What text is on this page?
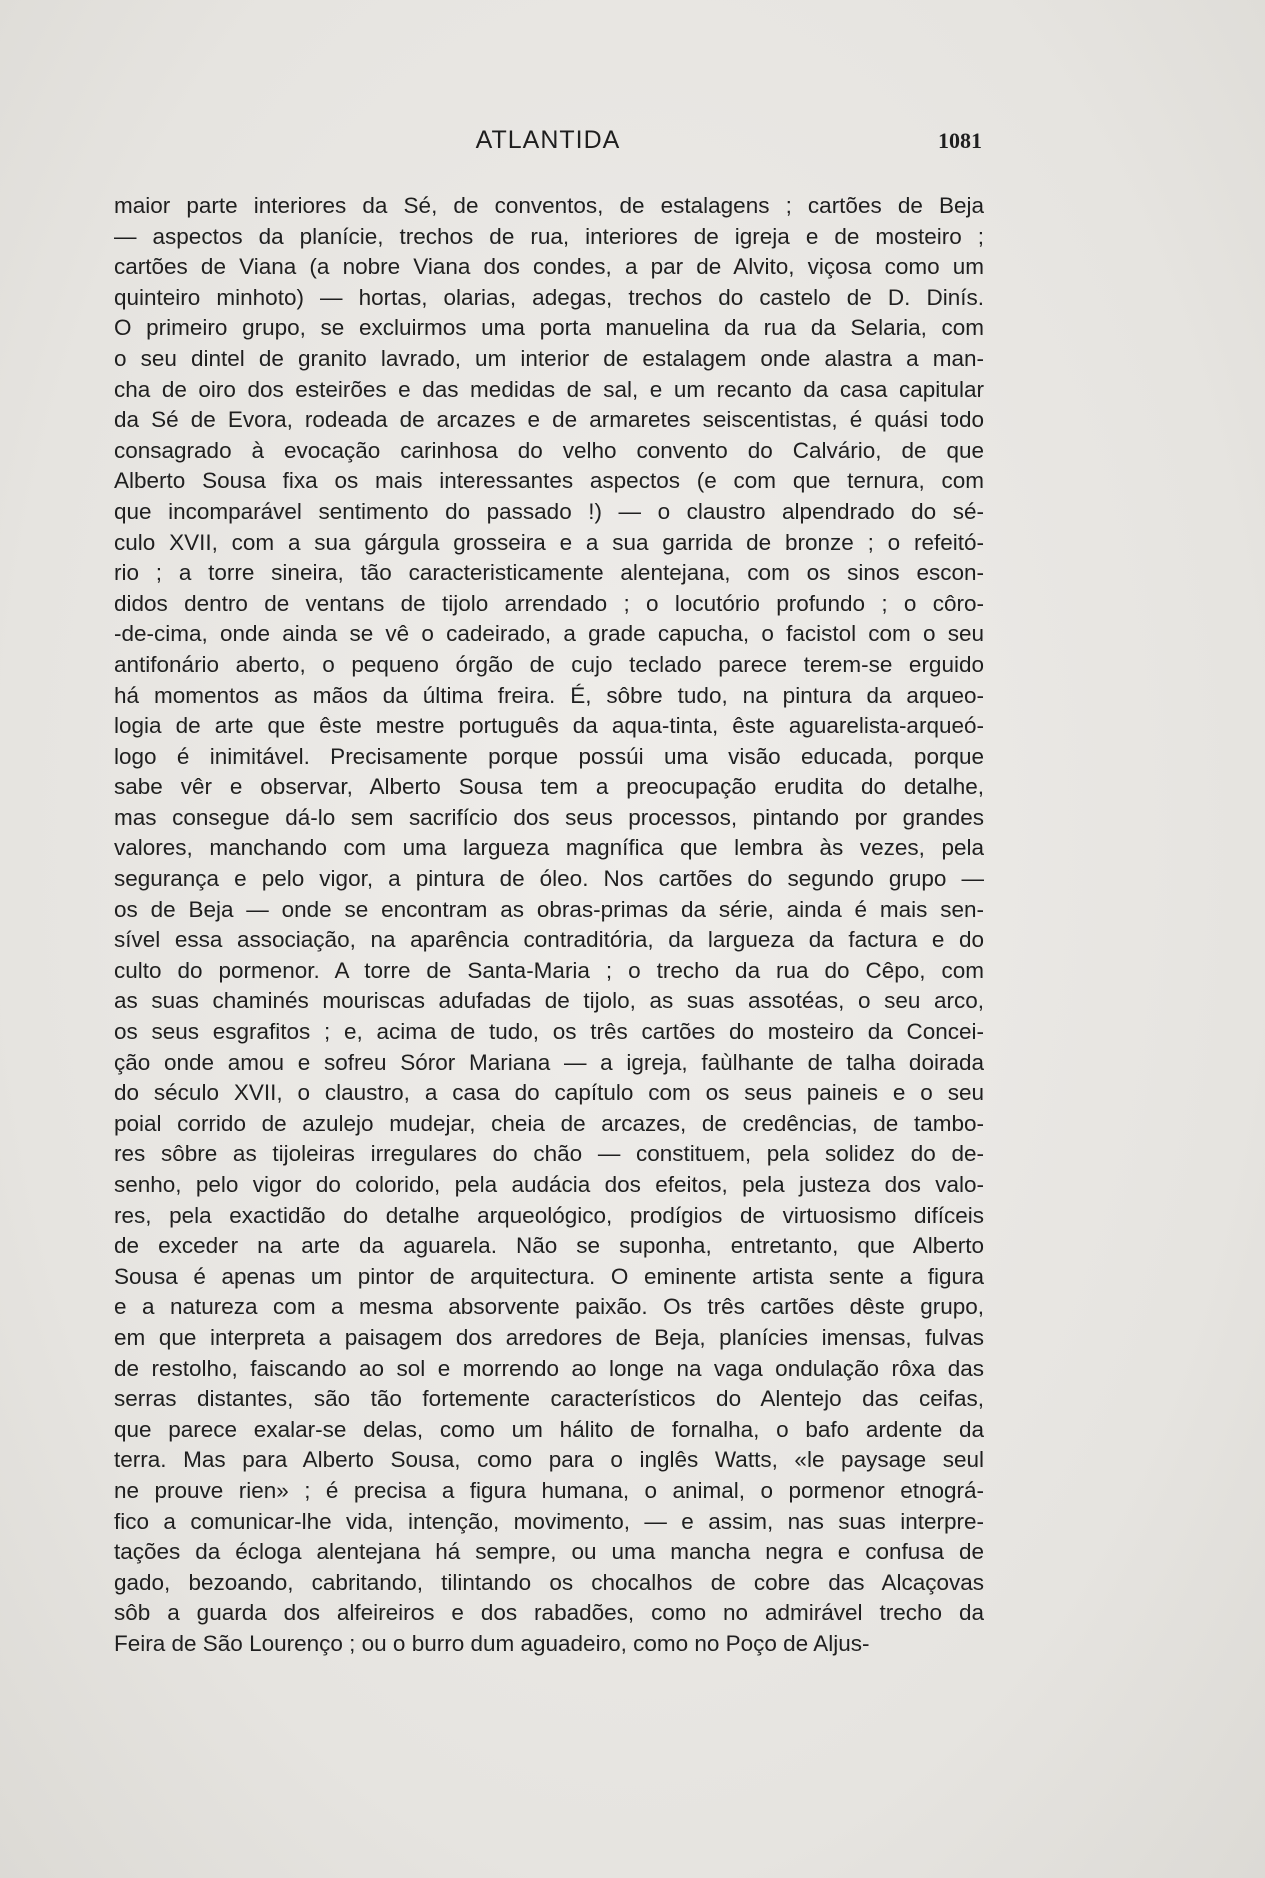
ATLANTIDA	1081
maior parte interiores da Sé, de conventos, de estalagens ; cartões de Beja
— aspectos da planície, trechos de rua, interiores de igreja e de mosteiro ;
cartões de Viana (a nobre Viana dos condes, a par de Alvito, viçosa como um
quinteiro minhoto) — hortas, olarias, adegas, trechos do castelo de D. Dinís.
O primeiro grupo, se excluirmos uma porta manuelina da rua da Selaria, com
o seu dintel de granito lavrado, um interior de estalagem onde alastra a man-
cha de oiro dos esteirões e das medidas de sal, e um recanto da casa capitular
da Sé de Evora, rodeada de arcazes e de armaretes seiscentistas, é quási todo
consagrado à evocação carinhosa do velho convento do Calvário, de que
Alberto Sousa fixa os mais interessantes aspectos (e com que ternura, com
que incomparável sentimento do passado !) — o claustro alpendrado do sé-
culo XVII, com a sua gárgula grosseira e a sua garrida de bronze ; o refeitó-
rio ; a torre sineira, tão caracteristicamente alentejana, com os sinos escon-
didos dentro de ventans de tijolo arrendado ; o locutório profundo ; o côro-
-de-cima, onde ainda se vê o cadeirado, a grade capucha, o facistol com o seu
antifonário aberto, o pequeno órgão de cujo teclado parece terem-se erguido
há momentos as mãos da última freira. É, sôbre tudo, na pintura da arqueo-
logia de arte que êste mestre português da aqua-tinta, êste aguarelista-arqueó-
logo é inimitável. Precisamente porque possúi uma visão educada, porque
sabe vêr e observar, Alberto Sousa tem a preocupação erudita do detalhe,
mas consegue dá-lo sem sacrifício dos seus processos, pintando por grandes
valores, manchando com uma largueza magnífica que lembra às vezes, pela
segurança e pelo vigor, a pintura de óleo. Nos cartões do segundo grupo —
os de Beja — onde se encontram as obras-primas da série, ainda é mais sen-
sível essa associação, na aparência contraditória, da largueza da factura e do
culto do pormenor. A torre de Santa-Maria ; o trecho da rua do Cêpo, com
as suas chaminés mouriscas adufadas de tijolo, as suas assotéas, o seu arco,
os seus esgrafitos ; e, acima de tudo, os três cartões do mosteiro da Concei-
ção onde amou e sofreu Sóror Mariana — a igreja, faùlhante de talha doirada
do século XVII, o claustro, a casa do capítulo com os seus paineis e o seu
poial corrido de azulejo mudejar, cheia de arcazes, de credências, de tambo-
res sôbre as tijoleiras irregulares do chão — constituem, pela solidez do de-
senho, pelo vigor do colorido, pela audácia dos efeitos, pela justeza dos valo-
res, pela exactidão do detalhe arqueológico, prodígios de virtuosismo difíceis
de exceder na arte da aguarela. Não se suponha, entretanto, que Alberto
Sousa é apenas um pintor de arquitectura. O eminente artista sente a figura
e a natureza com a mesma absorvente paixão. Os três cartões dêste grupo,
em que interpreta a paisagem dos arredores de Beja, planícies imensas, fulvas
de restolho, faiscando ao sol e morrendo ao longe na vaga ondulação rôxa das
serras distantes, são tão fortemente característicos do Alentejo das ceifas,
que parece exalar-se delas, como um hálito de fornalha, o bafo ardente da
terra. Mas para Alberto Sousa, como para o inglês Watts, «le paysage seul
ne prouve rien» ; é precisa a figura humana, o animal, o pormenor etnográ-
fico a comunicar-lhe vida, intenção, movimento, — e assim, nas suas interpre-
tações da écloga alentejana há sempre, ou uma mancha negra e confusa de
gado, bezoando, cabritando, tilintando os chocalhos de cobre das Alcaçovas
sôb a guarda dos alfeireiros e dos rabadões, como no admirável trecho da
Feira de São Lourenço ; ou o burro dum aguadeiro, como no Poço de Aljus-
